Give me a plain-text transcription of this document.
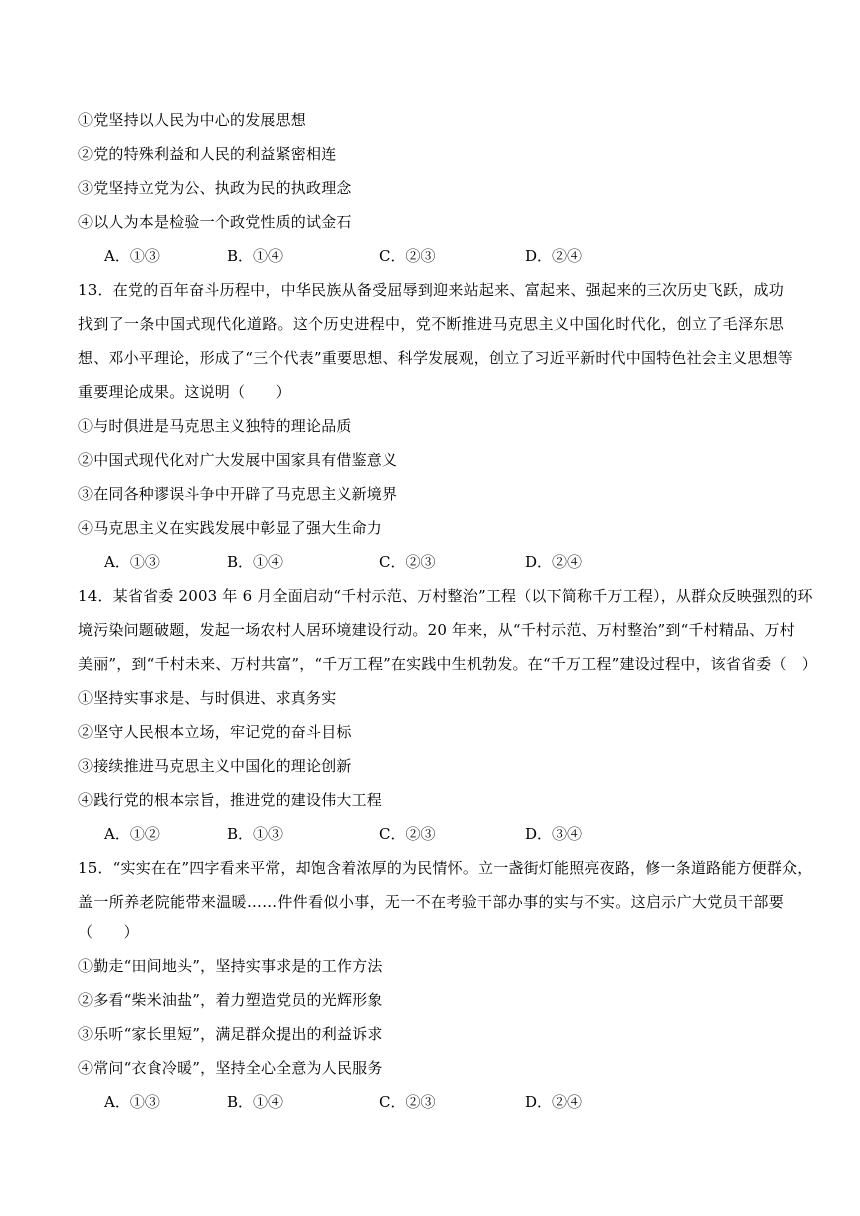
①党坚持以人民为中心的发展思想
②党的特殊利益和人民的利益紧密相连
③党坚持立党为公、执政为民的执政理念
④以人为本是检验一个政党性质的试金石
A．①③	B．①④	C．②③	D．②④
13．在党的百年奋斗历程中，中华民族从备受屈辱到迎来站起来、富起来、强起来的三次历史飞跃，成功
找到了一条中国式现代化道路。这个历史进程中，党不断推进马克思主义中国化时代化，创立了毛泽东思
想、邓小平理论，形成了“三个代表”重要思想、科学发展观，创立了习近平新时代中国特色社会主义思想等
重要理论成果。这说明（　　）
①与时俱进是马克思主义独特的理论品质
②中国式现代化对广大发展中国家具有借鉴意义
③在同各种谬误斗争中开辟了马克思主义新境界
④马克思主义在实践发展中彰显了强大生命力
A．①③	B．①④	C．②③	D．②④
14．某省省委 2003 年 6 月全面启动“千村示范、万村整治”工程（以下简称千万工程），从群众反映强烈的环
境污染问题破题，发起一场农村人居环境建设行动。20 年来，从“千村示范、万村整治”到“千村精品、万村
美丽”，到“千村未来、万村共富”，“千万工程”在实践中生机勃发。在“千万工程”建设过程中，该省省委（　）
①坚持实事求是、与时俱进、求真务实
②坚守人民根本立场，牢记党的奋斗目标
③接续推进马克思主义中国化的理论创新
④践行党的根本宗旨，推进党的建设伟大工程
A．①②	B．①③	C．②③	D．③④
15．“实实在在”四字看来平常，却饱含着浓厚的为民情怀。立一盏街灯能照亮夜路，修一条道路能方便群众，
盖一所养老院能带来温暖……件件看似小事，无一不在考验干部办事的实与不实。这启示广大党员干部要
（　　）
①勤走“田间地头”，坚持实事求是的工作方法
②多看“柴米油盐”，着力塑造党员的光辉形象
③乐听“家长里短”，满足群众提出的利益诉求
④常问“衣食冷暖”，坚持全心全意为人民服务
A．①③	B．①④	C．②③	D．②④
